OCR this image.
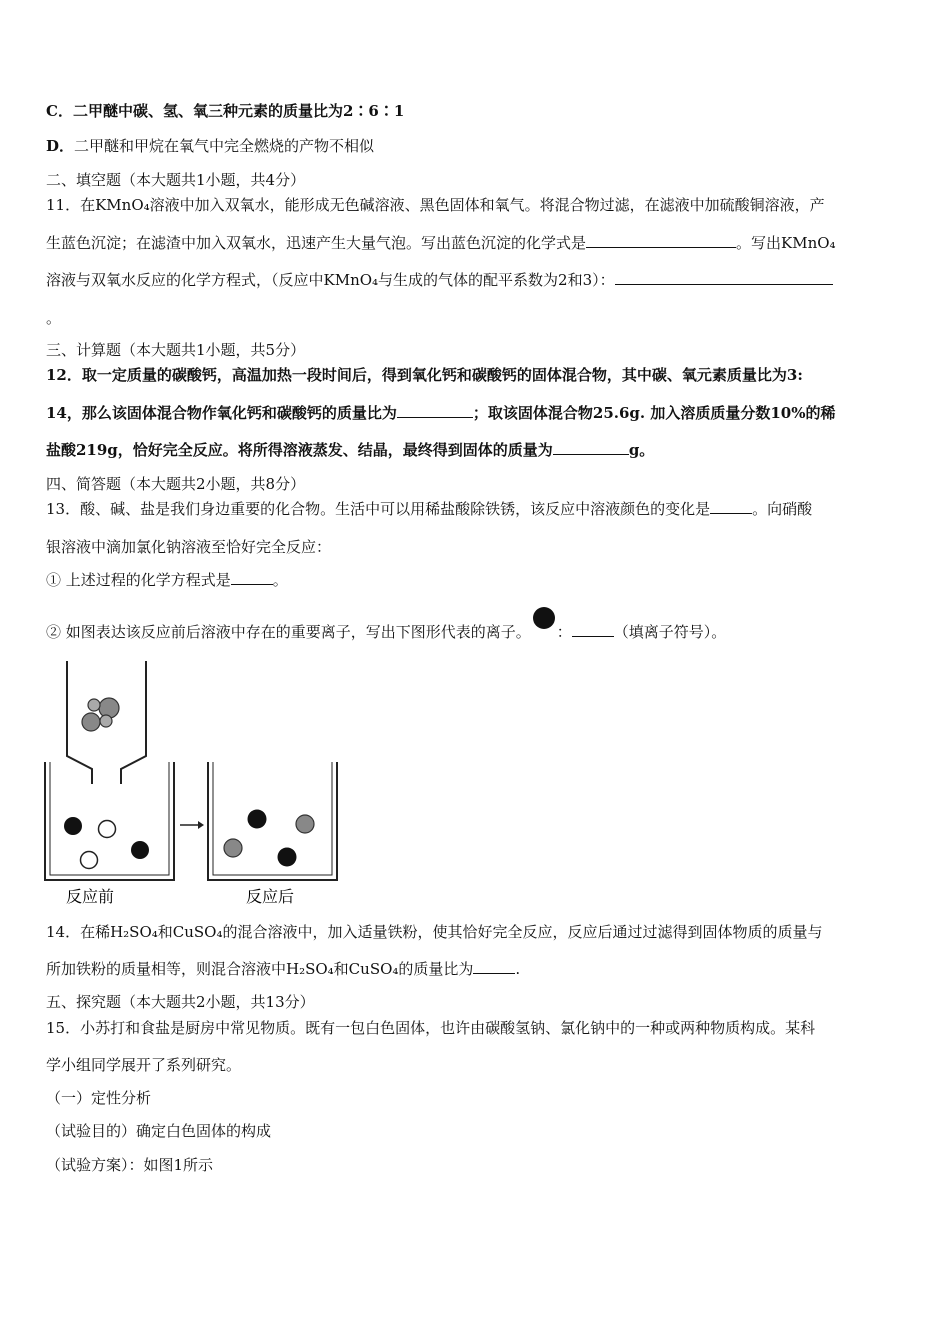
C．二甲醚中碳、氢、氧三种元素的质量比为2∶6∶1
D．二甲醚和甲烷在氧气中完全燃烧的产物不相似
二、填空题（本大题共1小题，共4分）
11．在KMnO₄溶液中加入双氧水，能形成无色碱溶液、黑色固体和氧气。将混合物过滤，在滤液中加硫酸铜溶液，产
生蓝色沉淀；在滤渣中加入双氧水，迅速产生大量气泡。写出蓝色沉淀的化学式是	。写出KMnO₄
溶液与双氧水反应的化学方程式，（反应中KMnO₄与生成的气体的配平系数为2和3）：
。
三、计算题（本大题共1小题，共5分）
12．取一定质量的碳酸钙，高温加热一段时间后，得到氧化钙和碳酸钙的固体混合物，其中碳、氧元素质量比为3:
14，那么该固体混合物作氧化钙和碳酸钙的质量比为	；取该固体混合物25.6g. 加入溶质质量分数10%的稀
盐酸219g，恰好完全反应。将所得溶液蒸发、结晶，最终得到固体的质量为	g。
四、简答题（本大题共2小题，共8分）
13．酸、碱、盐是我们身边重要的化合物。生活中可以用稀盐酸除铁锈，该反应中溶液颜色的变化是	。向硝酸
银溶液中滴加氯化钠溶液至恰好完全反应：
① 上述过程的化学方程式是	。
② 如图表达该反应前后溶液中存在的重要离子，写出下图形代表的离子。 ：	（填离子符号）。
反应前	反应后
14．在稀H₂SO₄和CuSO₄的混合溶液中，加入适量铁粉，使其恰好完全反应，反应后通过过滤得到固体物质的质量与
所加铁粉的质量相等，则混合溶液中H₂SO₄和CuSO₄的质量比为	.
五、探究题（本大题共2小题，共13分）
15．小苏打和食盐是厨房中常见物质。既有一包白色固体，也许由碳酸氢钠、氯化钠中的一种或两种物质构成。某科
学小组同学展开了系列研究。
（一）定性分析
（试验目的）确定白色固体的构成
（试验方案）：如图1所示
